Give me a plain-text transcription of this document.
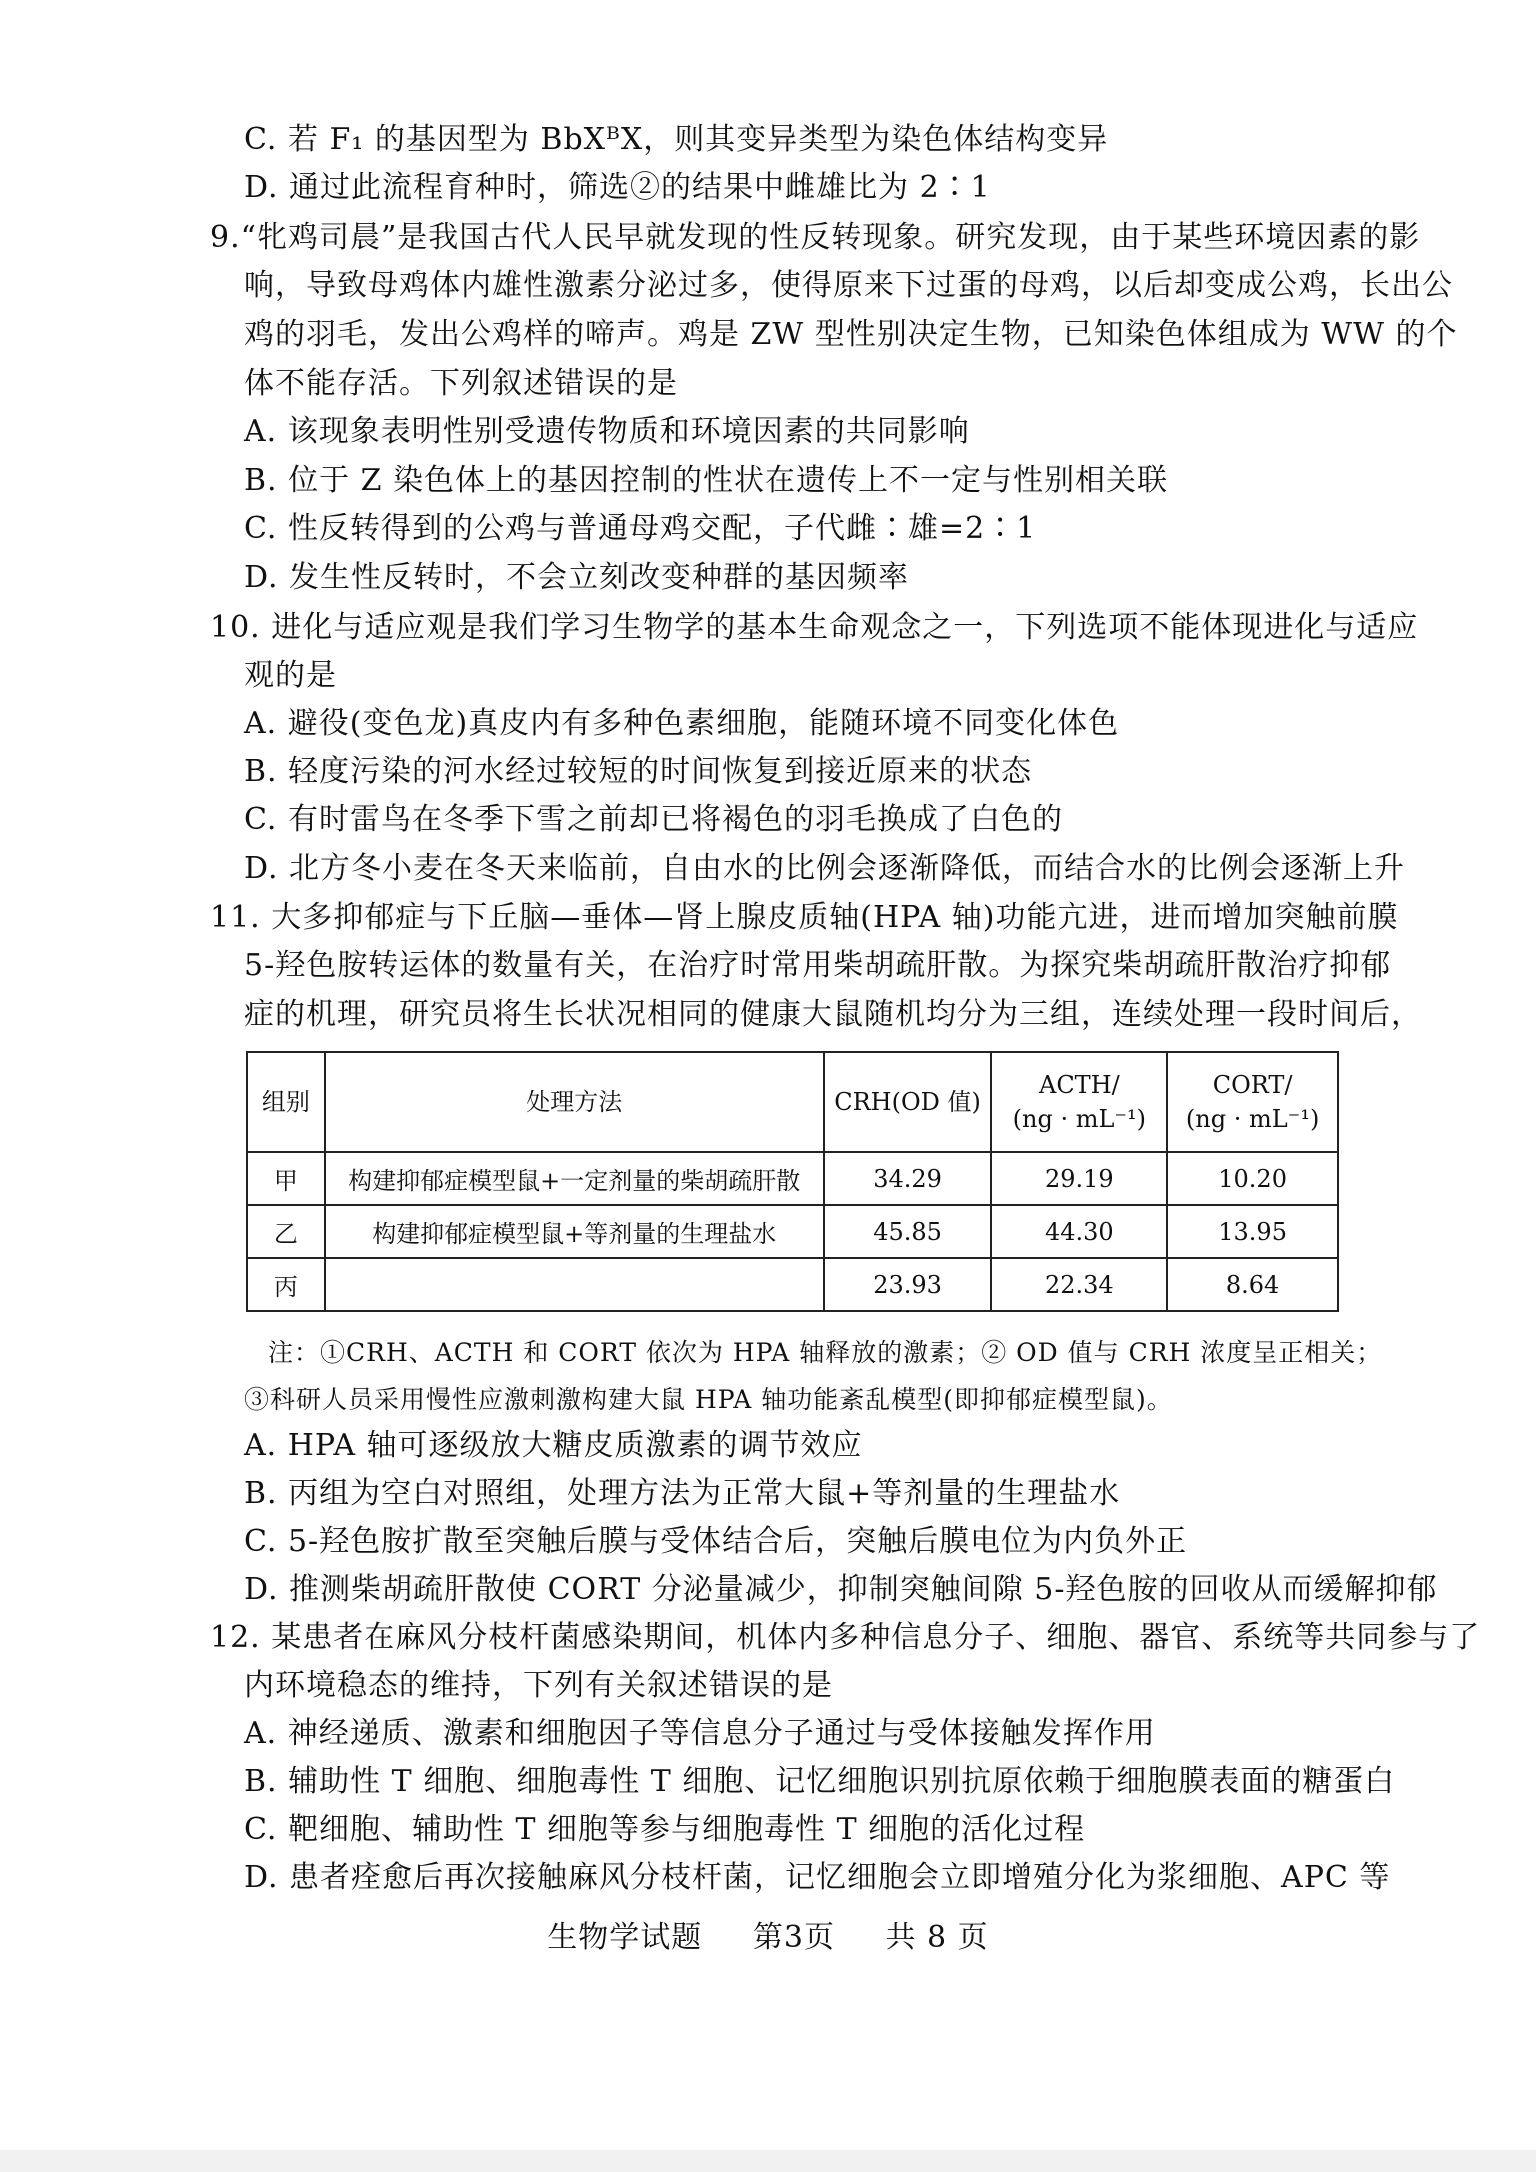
C. 若 F₁ 的基因型为 BbXᴮX，则其变异类型为染色体结构变异
D. 通过此流程育种时，筛选②的结果中雌雄比为 2∶1
9.“牝鸡司晨”是我国古代人民早就发现的性反转现象。研究发现，由于某些环境因素的影
响，导致母鸡体内雄性激素分泌过多，使得原来下过蛋的母鸡，以后却变成公鸡，长出公
鸡的羽毛，发出公鸡样的啼声。鸡是 ZW 型性别决定生物，已知染色体组成为 WW 的个
体不能存活。下列叙述错误的是
A. 该现象表明性别受遗传物质和环境因素的共同影响
B. 位于 Z 染色体上的基因控制的性状在遗传上不一定与性别相关联
C. 性反转得到的公鸡与普通母鸡交配，子代雌∶雄=2∶1
D. 发生性反转时，不会立刻改变种群的基因频率
10. 进化与适应观是我们学习生物学的基本生命观念之一，下列选项不能体现进化与适应
观的是
A. 避役(变色龙)真皮内有多种色素细胞，能随环境不同变化体色
B. 轻度污染的河水经过较短的时间恢复到接近原来的状态
C. 有时雷鸟在冬季下雪之前却已将褐色的羽毛换成了白色的
D. 北方冬小麦在冬天来临前，自由水的比例会逐渐降低，而结合水的比例会逐渐上升
11. 大多抑郁症与下丘脑—垂体—肾上腺皮质轴(HPA 轴)功能亢进，进而增加突触前膜
5-羟色胺转运体的数量有关，在治疗时常用柴胡疏肝散。为探究柴胡疏肝散治疗抑郁
症的机理，研究员将生长状况相同的健康大鼠随机均分为三组，连续处理一段时间后，
组别	处理方法	CRH(OD 值)	ACTH/
(ng · mL⁻¹)	CORT/
(ng · mL⁻¹)
甲	构建抑郁症模型鼠+一定剂量的柴胡疏肝散	34.29	29.19	10.20
乙	构建抑郁症模型鼠+等剂量的生理盐水	45.85	44.30	13.95
丙		23.93	22.34	8.64
注：①CRH、ACTH 和 CORT 依次为 HPA 轴释放的激素；② OD 值与 CRH 浓度呈正相关；
③科研人员采用慢性应激刺激构建大鼠 HPA 轴功能紊乱模型(即抑郁症模型鼠)。
A. HPA 轴可逐级放大糖皮质激素的调节效应
B. 丙组为空白对照组，处理方法为正常大鼠+等剂量的生理盐水
C. 5-羟色胺扩散至突触后膜与受体结合后，突触后膜电位为内负外正
D. 推测柴胡疏肝散使 CORT 分泌量减少，抑制突触间隙 5-羟色胺的回收从而缓解抑郁
12. 某患者在麻风分枝杆菌感染期间，机体内多种信息分子、细胞、器官、系统等共同参与了
内环境稳态的维持，下列有关叙述错误的是
A. 神经递质、激素和细胞因子等信息分子通过与受体接触发挥作用
B. 辅助性 T 细胞、细胞毒性 T 细胞、记忆细胞识别抗原依赖于细胞膜表面的糖蛋白
C. 靶细胞、辅助性 T 细胞等参与细胞毒性 T 细胞的活化过程
D. 患者痊愈后再次接触麻风分枝杆菌，记忆细胞会立即增殖分化为浆细胞、APC 等
生物学试题 第3页 共 8 页
